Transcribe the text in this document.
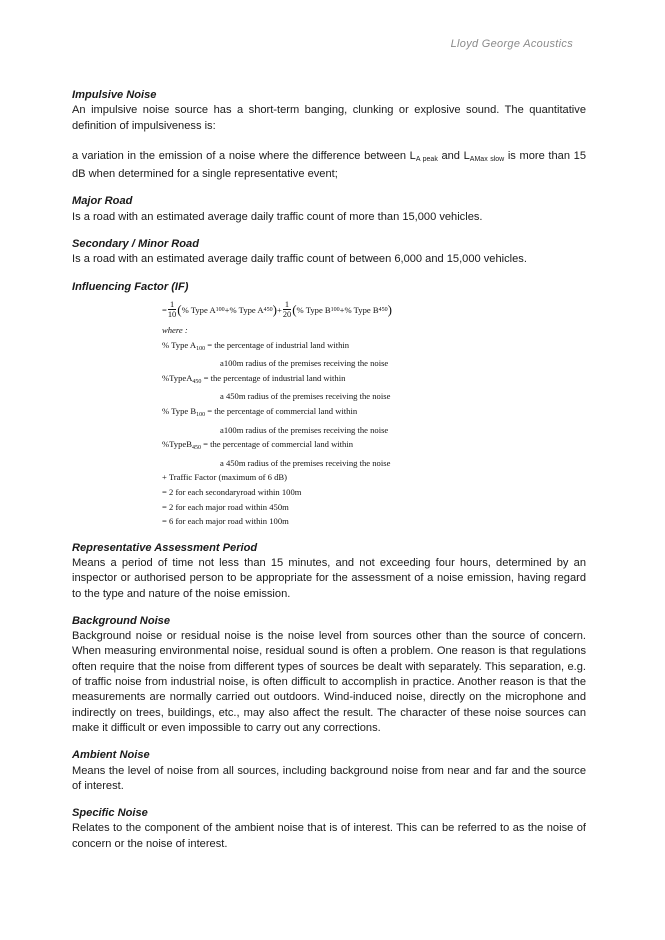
Lloyd George Acoustics

Impulsive Noise

An impulsive noise source has a short-term banging, clunking or explosive sound. The quantitative definition of impulsiveness is:

a variation in the emission of a noise where the difference between $L_{A peak}$ and $L_{AMax slow}$ is more than 15 dB when determined for a single representative event;

Major Road

Is a road with an estimated average daily traffic count of more than 15,000 vehicles.

Secondary / Minor Road

Is a road with an estimated average daily traffic count of between 6,000 and 15,000 vehicles.

Influencing Factor (IF)

= $\frac{1}{10}$ ( % Type A 100 + % Type A 450 ) + $\frac{1}{20}$ ( % Type B 100 + % Type B 450 )
where :
% Type $A_{100}$ = the percentage of industrial land within
a100m radius of the premises receiving the noise
%TypeA$_{450}$ = the percentage of industrial land within
a 450m radius of the premises receiving the noise
% Type $B_{100}$ = the percentage of commercial land within
a100m radius of the premises receiving the noise
%TypeB$_{450}$ = the percentage of commercial land within
a 450m radius of the premises receiving the noise
+ Traffic Factor (maximum of 6 dB)
= 2 for each secondaryroad within 100m
= 2 for each major road within 450m
= 6 for each major road within 100m

Representative Assessment Period

Means a period of time not less than 15 minutes, and not exceeding four hours, determined by an inspector or authorised person to be appropriate for the assessment of a noise emission, having regard to the type and nature of the noise emission.

Background Noise

Background noise or residual noise is the noise level from sources other than the source of concern. When measuring environmental noise, residual sound is often a problem. One reason is that regulations often require that the noise from different types of sources be dealt with separately. This separation, e.g. of traffic noise from industrial noise, is often difficult to accomplish in practice. Another reason is that the measurements are normally carried out outdoors. Wind-induced noise, directly on the microphone and indirectly on trees, buildings, etc., may also affect the result. The character of these noise sources can make it difficult or even impossible to carry out any corrections.

Ambient Noise

Means the level of noise from all sources, including background noise from near and far and the source of interest.

Specific Noise

Relates to the component of the ambient noise that is of interest. This can be referred to as the noise of concern or the noise of interest.
